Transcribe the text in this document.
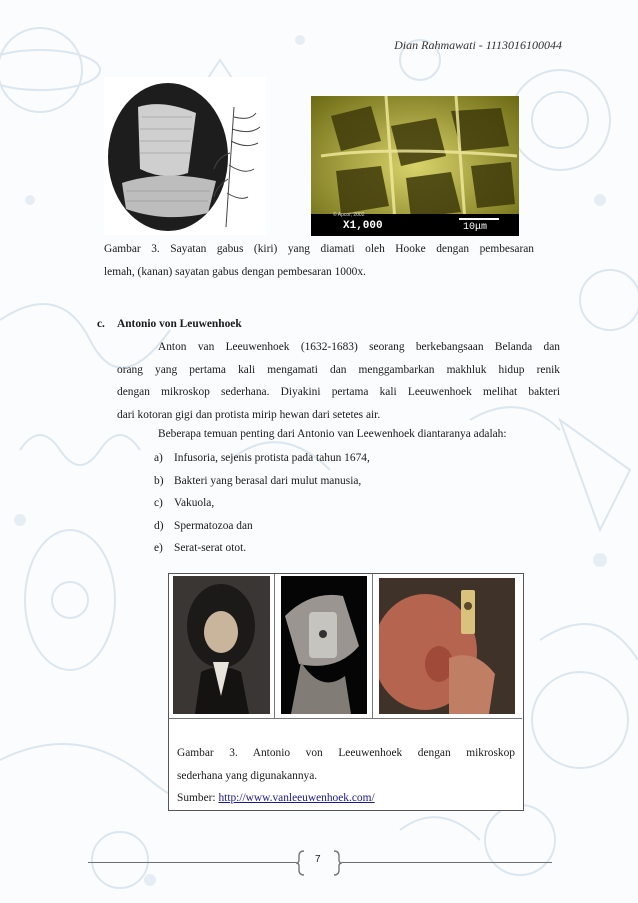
Dian Rahmawati - 1113016100044
© Apcor, 2002
X1,000	10μm
Gambar 3. Sayatan gabus (kiri) yang diamati oleh Hooke dengan pembesaran
lemah, (kanan) sayatan gabus dengan pembesaran 1000x.
c. Antonio von Leuwenhoek
Anton van Leeuwenhoek (1632-1683) seorang berkebangsaan Belanda dan
orang yang pertama kali mengamati dan menggambarkan makhluk hidup renik
dengan mikroskop sederhana. Diyakini pertama kali Leeuwenhoek melihat bakteri
dari kotoran gigi dan protista mirip hewan dari setetes air.
Beberapa temuan penting dari Antonio van Leewenhoek diantaranya adalah:
a) Infusoria, sejenis protista pada tahun 1674,
b) Bakteri yang berasal dari mulut manusia,
c) Vakuola,
d) Spermatozoa dan
e) Serat-serat otot.
Gambar 3. Antonio von Leeuwenhoek dengan mikroskop
sederhana yang digunakannya.
Sumber: http://www.vanleeuwenhoek.com/
7
